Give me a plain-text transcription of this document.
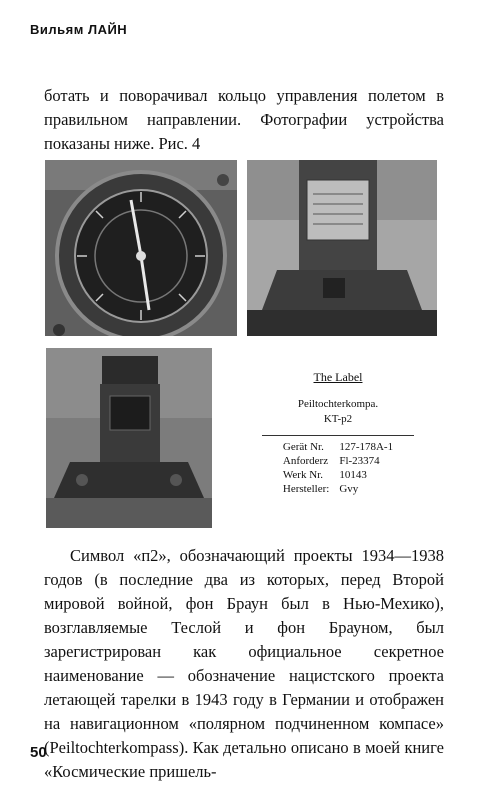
Вильям ЛАЙН

ботать и поворачивал кольцо управления полетом в правильном направлении. Фотографии устройства показаны ниже. Рис. 4

The Label
Peiltochterkompa.
KT-p2
Gerät Nr.	127-178A-1
Anforderz	Fl-23374
Werk Nr.	10143
Hersteller:	Gvy

Символ «п2», обозначающий проекты 1934—1938 годов (в последние два из которых, перед Второй мировой войной, фон Браун был в Нью-Мехико), возглавляемые Теслой и фон Брауном, был зарегистрирован как официальное секретное наименование — обозначение нацистского проекта летающей тарелки в 1943 году в Германии и отображен на навигационном «полярном подчиненном компасе» (Peiltochterkompass). Как детально описано в моей книге «Космические пришель-

50
